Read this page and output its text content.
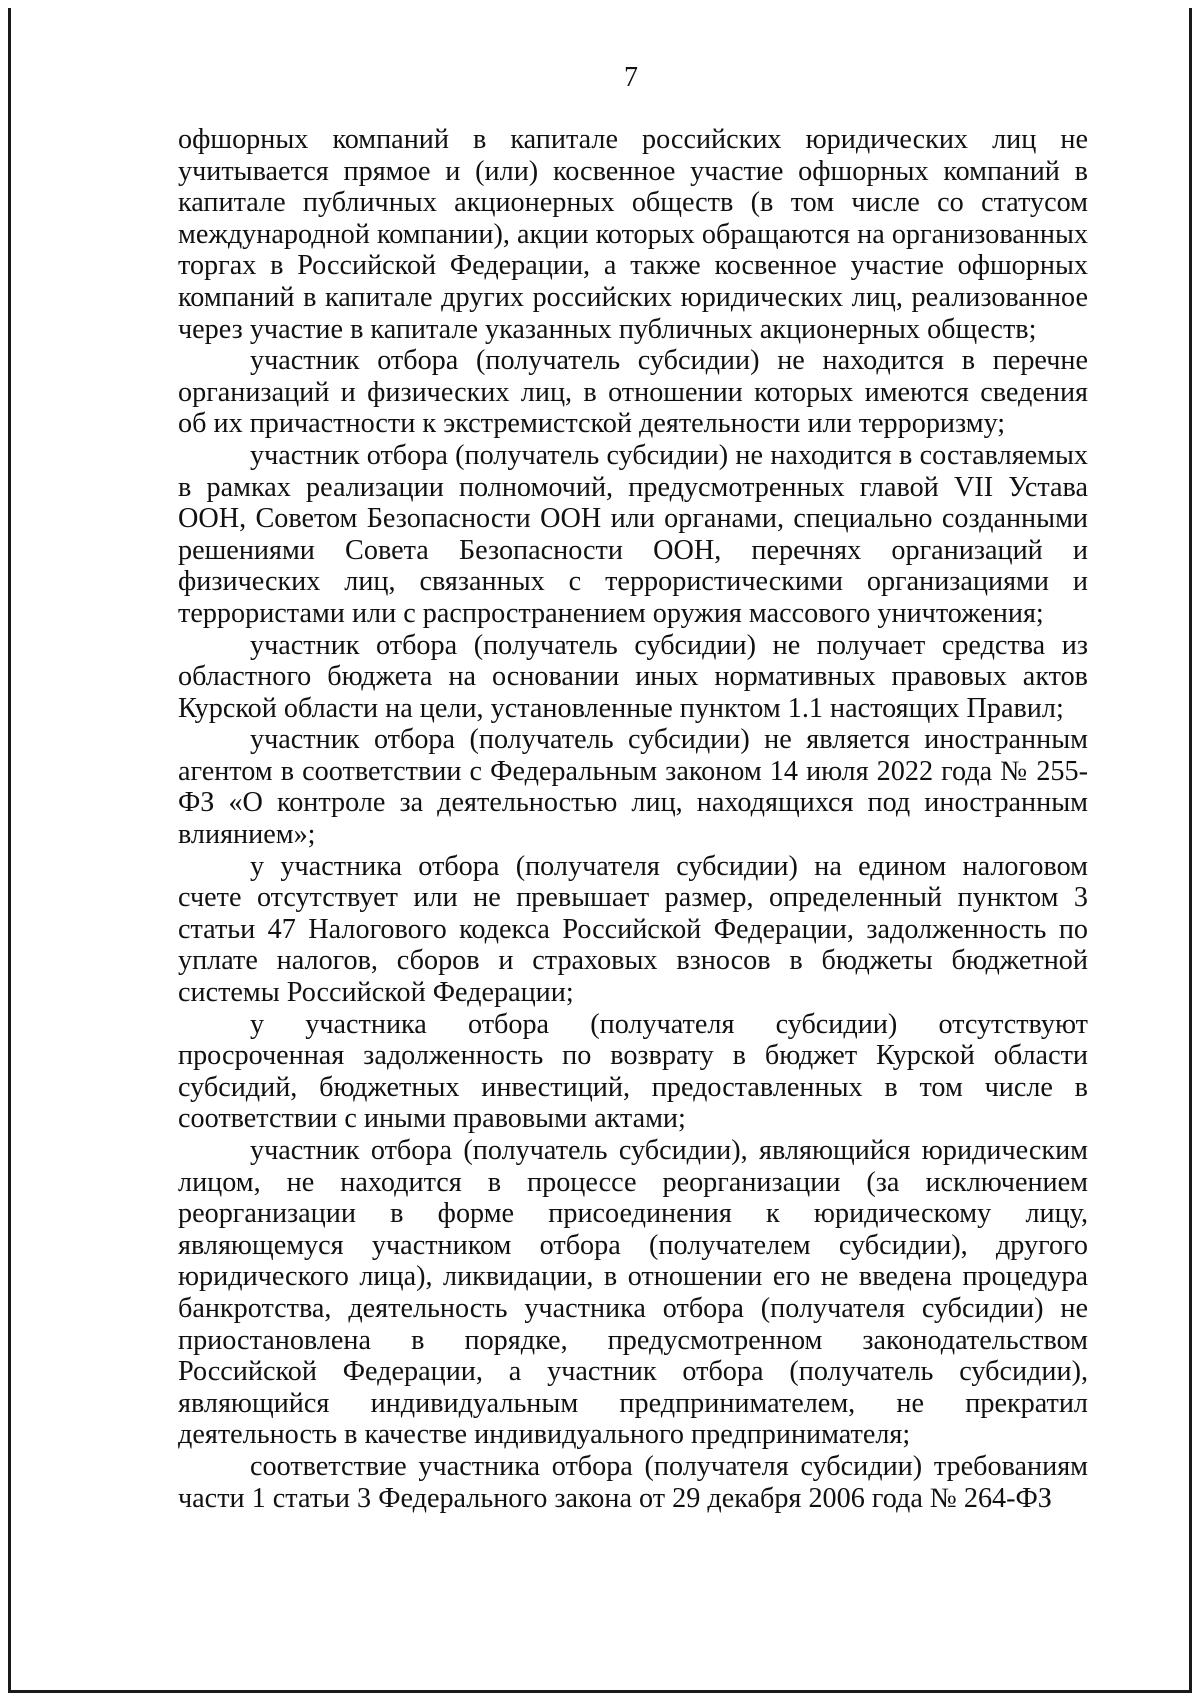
7

офшорных компаний в капитале российских юридических лиц не учитывается прямое и (или) косвенное участие офшорных компаний в капитале публичных акционерных обществ (в том числе со статусом международной компании), акции которых обращаются на организованных торгах в Российской Федерации, а также косвенное участие офшорных компаний в капитале других российских юридических лиц, реализованное через участие в капитале указанных публичных акционерных обществ;

участник отбора (получатель субсидии) не находится в перечне организаций и физических лиц, в отношении которых имеются сведения об их причастности к экстремистской деятельности или терроризму;

участник отбора (получатель субсидии) не находится в составляемых в рамках реализации полномочий, предусмотренных главой VII Устава ООН, Советом Безопасности ООН или органами, специально созданными решениями Совета Безопасности ООН, перечнях организаций и физических лиц, связанных с террористическими организациями и террористами или с распространением оружия массового уничтожения;

участник отбора (получатель субсидии) не получает средства из областного бюджета на основании иных нормативных правовых актов Курской области на цели, установленные пунктом 1.1 настоящих Правил;

участник отбора (получатель субсидии) не является иностранным агентом в соответствии с Федеральным законом 14 июля 2022 года № 255-ФЗ «О контроле за деятельностью лиц, находящихся под иностранным влиянием»;

у участника отбора (получателя субсидии) на едином налоговом счете отсутствует или не превышает размер, определенный пунктом 3 статьи 47 Налогового кодекса Российской Федерации, задолженность по уплате налогов, сборов и страховых взносов в бюджеты бюджетной системы Российской Федерации;

у участника отбора (получателя субсидии) отсутствуют просроченная задолженность по возврату в бюджет Курской области субсидий, бюджетных инвестиций, предоставленных в том числе в соответствии с иными правовыми актами;

участник отбора (получатель субсидии), являющийся юридическим лицом, не находится в процессе реорганизации (за исключением реорганизации в форме присоединения к юридическому лицу, являющемуся участником отбора (получателем субсидии), другого юридического лица), ликвидации, в отношении его не введена процедура банкротства, деятельность участника отбора (получателя субсидии) не приостановлена в порядке, предусмотренном законодательством Российской Федерации, а участник отбора (получатель субсидии), являющийся индивидуальным предпринимателем, не прекратил деятельность в качестве индивидуального предпринимателя;

соответствие участника отбора (получателя субсидии) требованиям части 1 статьи 3 Федерального закона от 29 декабря 2006 года № 264-ФЗ
